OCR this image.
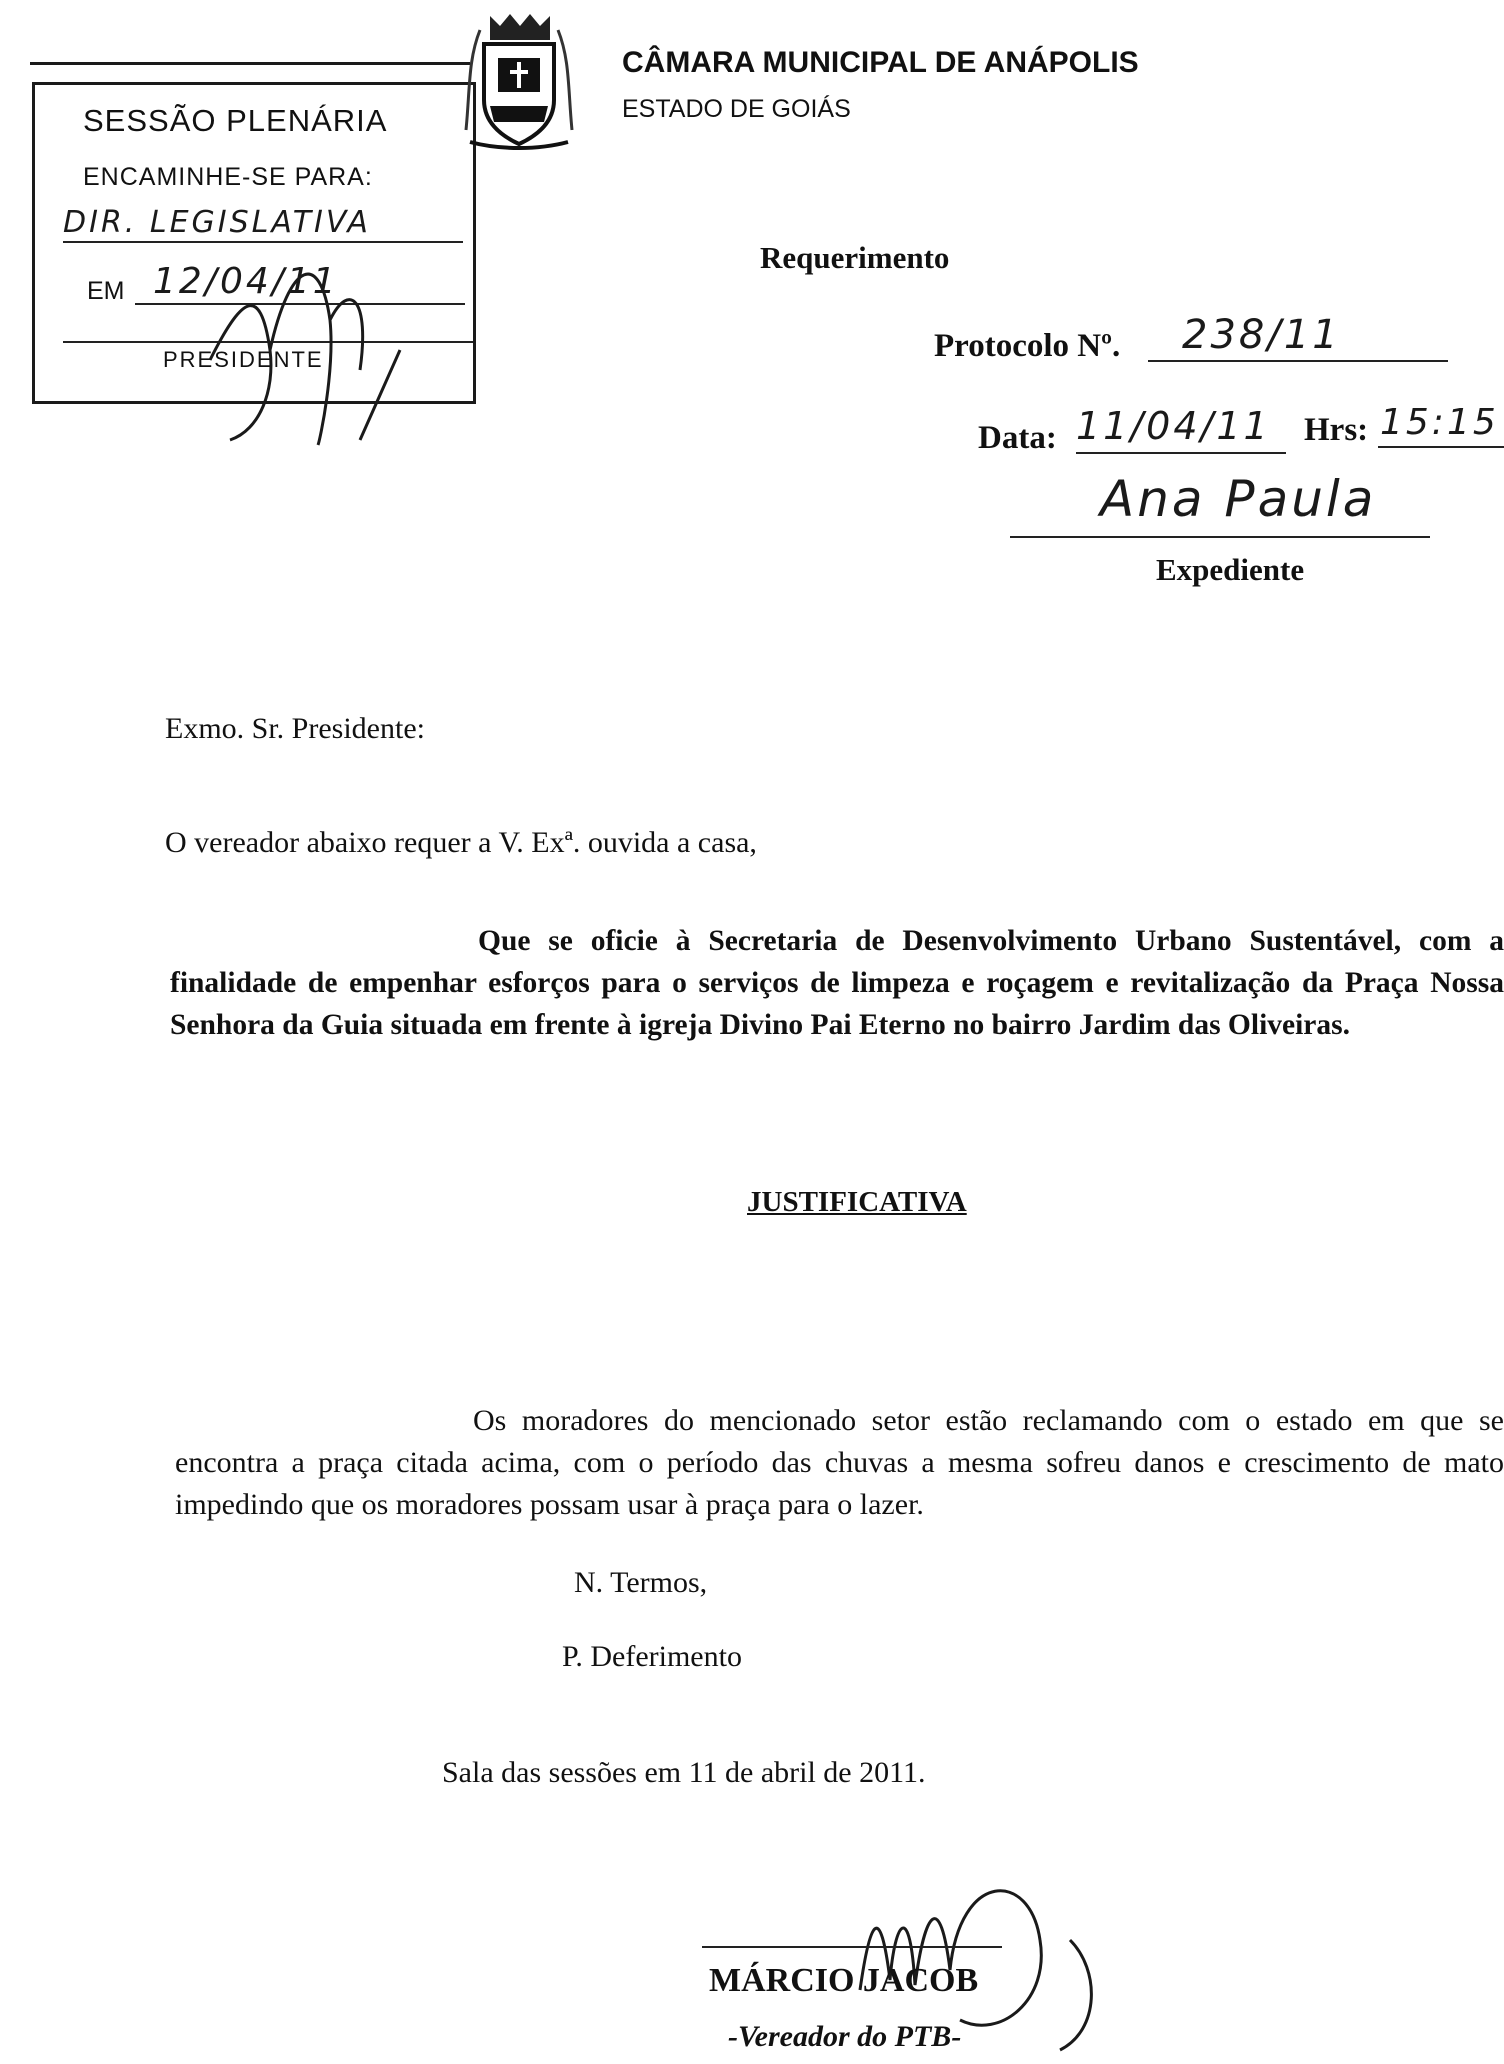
SESSÃO PLENÁRIA
ENCAMINHE-SE PARA:
DIR. LEGISLATIVA
EM 12/04/11
PRESIDENTE
CÂMARA MUNICIPAL DE ANÁPOLIS
ESTADO DE GOIÁS
Requerimento
Protocolo Nº. 238/11
Data: 11/04/11 Hrs: 15:15
Ana Paula
Expediente
Exmo. Sr. Presidente:
O vereador abaixo requer a V. Exª. ouvida a casa,
Que se oficie à Secretaria de Desenvolvimento Urbano Sustentável, com a finalidade de empenhar esforços para o serviços de limpeza e roçagem e revitalização da Praça Nossa Senhora da Guia situada em frente à igreja Divino Pai Eterno no bairro Jardim das Oliveiras.
JUSTIFICATIVA
Os moradores do mencionado setor estão reclamando com o estado em que se encontra a praça citada acima, com o período das chuvas a mesma sofreu danos e crescimento de mato impedindo que os moradores possam usar à praça para o lazer.
N. Termos,
P. Deferimento
Sala das sessões em 11 de abril de 2011.
MÁRCIO JACOB
-Vereador do PTB-
